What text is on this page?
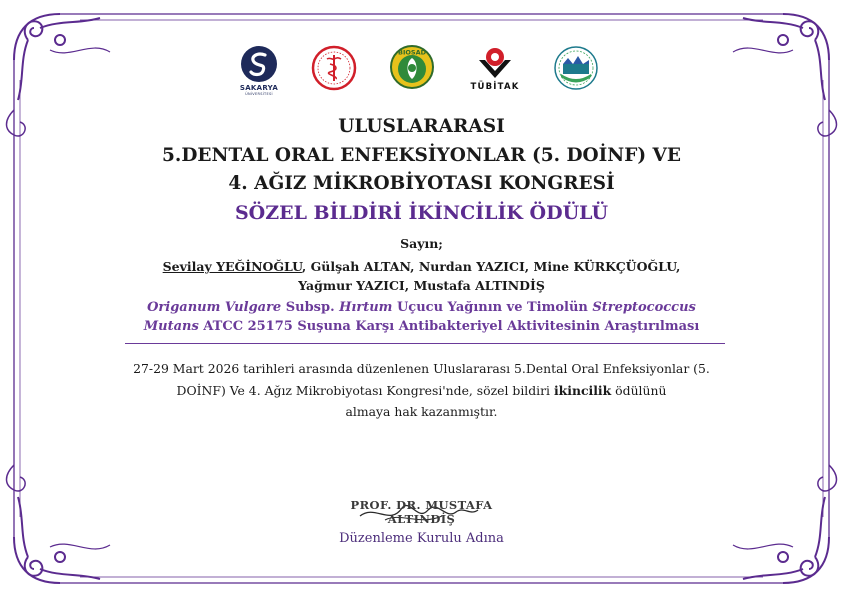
SAKARYA
ÜNİVERSİTESİ
BIOSAD
TÜBİTAK
ULUSLARARASI
5.DENTAL ORAL ENFEKSİYONLAR (5. DOİNF) VE
4. AĞIZ MİKROBİYOTASI KONGRESİ
SÖZEL BİLDİRİ İKİNCİLİK ÖDÜLÜ
Sayın;
Sevilay YEĞİNOĞLU, Gülşah ALTAN, Nurdan YAZICI, Mine KÜRKÇÜOĞLU,
Yağmur YAZICI, Mustafa ALTINDİŞ
Origanum Vulgare Subsp. Hırtum Uçucu Yağının ve Timolün Streptococcus
Mutans ATCC 25175 Suşuna Karşı Antibakteriyel Aktivitesinin Araştırılması
27-29 Mart 2026 tarihleri arasında düzenlenen Uluslararası 5.Dental Oral Enfeksiyonlar (5.
DOİNF) Ve 4. Ağız Mikrobiyotası Kongresi'nde, sözel bildiri ikincilik ödülünü
almaya hak kazanmıştır.
PROF. DR. MUSTAFA
ALTINDİŞ
Düzenleme Kurulu Adına
